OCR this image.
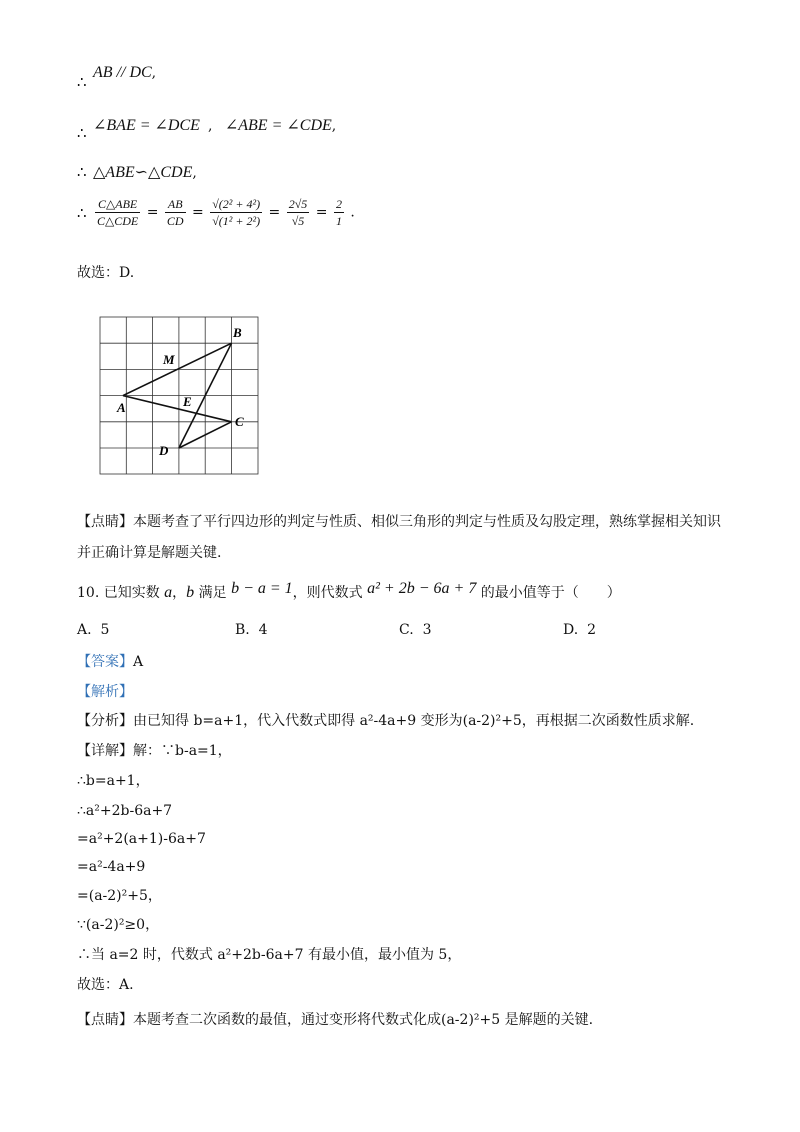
∴ AB // DC,
∴ ∠BAE = ∠DCE , ∠ABE = ∠CDE,
∴ △ABE∽△CDE,
∴ $\frac{\text{C△ABE}}{\text{C△CDE}} = \frac{AB}{CD} = \frac{\text{√(2² + 4²)}}{\text{√(1² + 2²)}} = \frac{2√5}{√5} = \frac{2}{1}$ .
故选：D.
A
B
C
D
E
M
【点睛】本题考查了平行四边形的判定与性质、相似三角形的判定与性质及勾股定理，熟练掌握相关知识
并正确计算是解题关键.
10. 已知实数 a，b 满足 b − a = 1，则代数式 a² + 2b − 6a + 7 的最小值等于（　　）
A. 5	B. 4	C. 3	D. 2
【答案】A
【解析】
【分析】由已知得 b=a+1，代入代数式即得 a²-4a+9 变形为(a-2)²+5，再根据二次函数性质求解.
【详解】解：∵b-a=1，
∴b=a+1，
∴a²+2b-6a+7
=a²+2(a+1)-6a+7
=a²-4a+9
=(a-2)²+5，
∵(a-2)²≥0，
∴当 a=2 时，代数式 a²+2b-6a+7 有最小值，最小值为 5，
故选：A.
【点睛】本题考查二次函数的最值，通过变形将代数式化成(a-2)²+5 是解题的关键.
